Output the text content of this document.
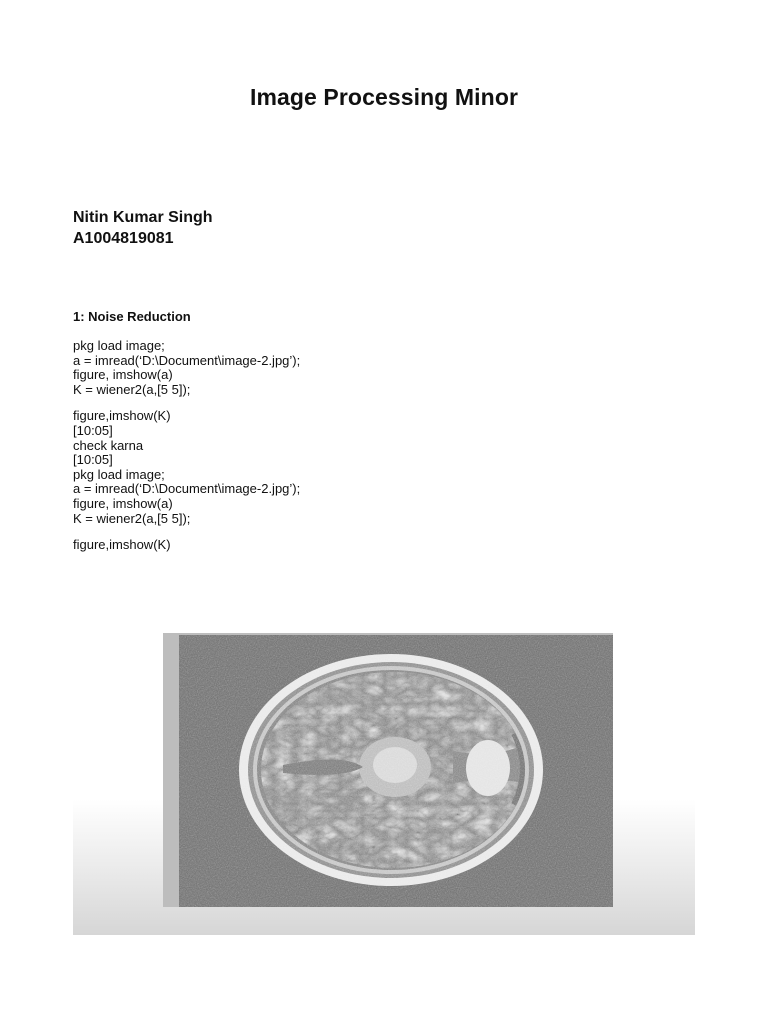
Image Processing Minor
Nitin Kumar Singh
A1004819081
1: Noise Reduction
pkg load image;
a = imread(‘D:\Document\image-2.jpg’);
figure, imshow(a)
K = wiener2(a,[5 5]);
figure,imshow(K)
[10:05]
check karna
[10:05]
pkg load image;
a = imread(‘D:\Document\image-2.jpg’);
figure, imshow(a)
K = wiener2(a,[5 5]);
figure,imshow(K)
